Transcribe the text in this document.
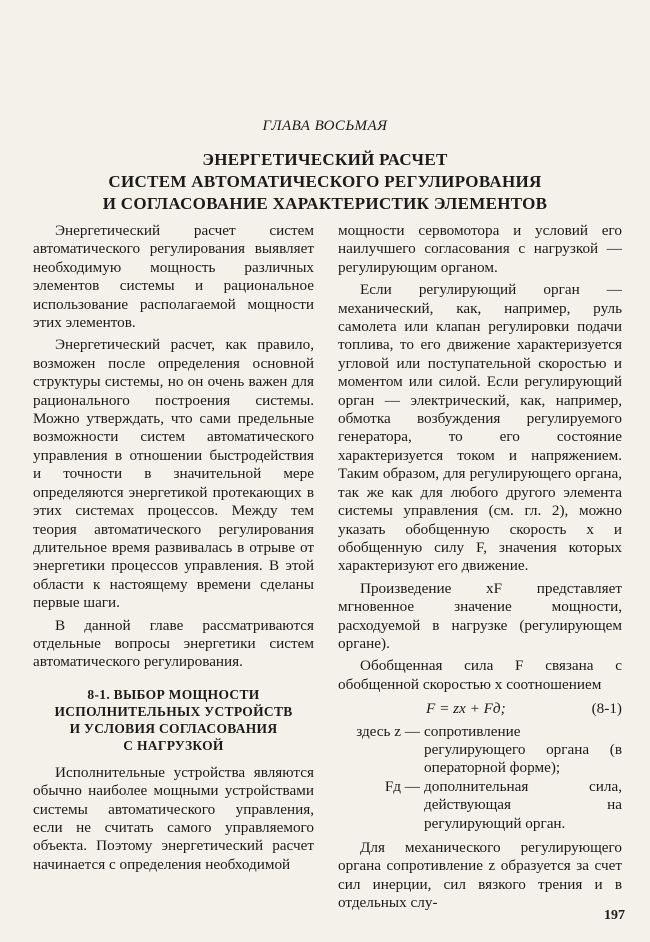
ГЛАВА ВОСЬМАЯ
ЭНЕРГЕТИЧЕСКИЙ РАСЧЕТ
СИСТЕМ АВТОМАТИЧЕСКОГО РЕГУЛИРОВАНИЯ
И СОГЛАСОВАНИЕ ХАРАКТЕРИСТИК ЭЛЕМЕНТОВ

Энергетический расчет систем автоматического регулирования выявляет необходимую мощность различных элементов системы и рациональное использование располагаемой мощности этих элементов.

Энергетический расчет, как правило, возможен после определения основной структуры системы, но он очень важен для рационального построения системы. Можно утверждать, что сами предельные возможности систем автоматического управления в отношении быстродействия и точности в значительной мере определяются энергетикой протекающих в этих системах процессов. Между тем теория автоматического регулирования длительное время развивалась в отрыве от энергетики процессов управления. В этой области к настоящему времени сделаны первые шаги.

В данной главе рассматриваются отдельные вопросы энергетики систем автоматического регулирования.

8-1. ВЫБОР МОЩНОСТИ
ИСПОЛНИТЕЛЬНЫХ УСТРОЙСТВ
И УСЛОВИЯ СОГЛАСОВАНИЯ
С НАГРУЗКОЙ

Исполнительные устройства являются обычно наиболее мощными устройствами системы автоматического управления, если не считать самого управляемого объекта. Поэтому энергетический расчет начинается с определения необходимой

мощности сервомотора и условий его наилучшего согласования с нагрузкой — регулирующим органом.

Если регулирующий орган — механический, как, например, руль самолета или клапан регулировки подачи топлива, то его движение характеризуется угловой или поступательной скоростью и моментом или силой. Если регулирующий орган — электрический, как, например, обмотка возбуждения регулируемого генератора, то его состояние характеризуется током и напряжением. Таким образом, для регулирующего органа, так же как для любого другого элемента системы управления (см. гл. 2), можно указать обобщенную скорость x и обобщенную силу F, значения которых характеризуют его движение.

Произведение xF представляет мгновенное значение мощности, расходуемой в нагрузке (регулирующем органе).

Обобщенная сила F связана с обобщенной скоростью x соотношением

F = zx + Fд;	(8-1)
здесь z — сопротивление регулирующего органа (в операторной форме);
Fд — дополнительная сила, действующая на регулирующий орган.

Для механического регулирующего органа сопротивление z образуется за счет сил инерции, сил вязкого трения и в отдельных слу-

197
